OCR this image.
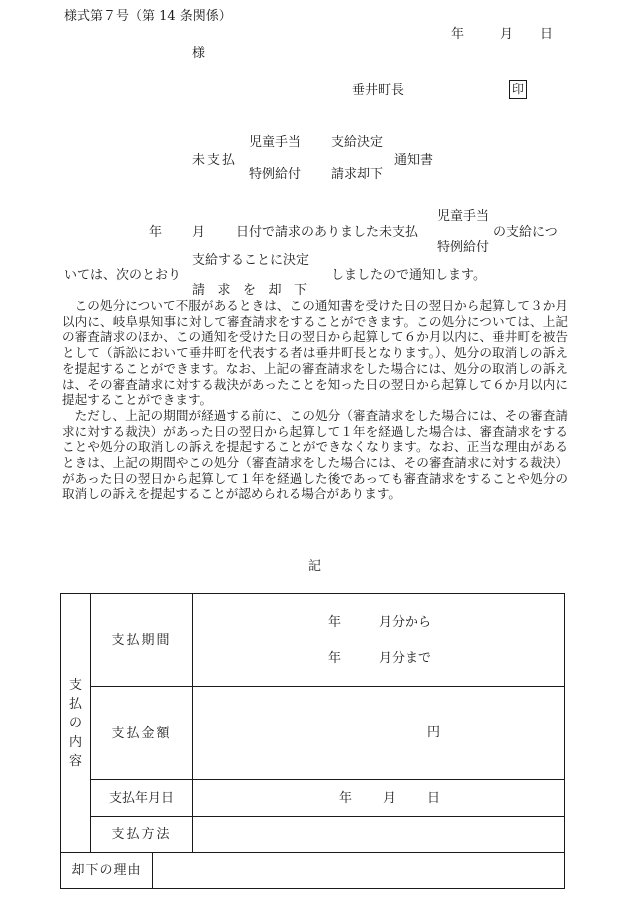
様式第７号（第 14 条関係）
年	月 日
様
垂井町長	印
児童手当 支給決定
未支払	通知書
特例給付 請求却下
児童手当
年 月 日付で請求のありました未支払	の支給につ
特例給付
支給することに決定
いては、次のとおり	しましたので通知します。
請求を却下

この処分について不服があるときは、この通知書を受けた日の翌日から起算して３か月以内に、岐阜県知事に対して審査請求をすることができます。この処分については、上記の審査請求のほか、この通知を受けた日の翌日から起算して６か月以内に、垂井町を被告として（訴訟において垂井町を代表する者は垂井町長となります。）、処分の取消しの訴えを提起することができます。なお、上記の審査請求をした場合には、処分の取消しの訴えは、その審査請求に対する裁決があったことを知った日の翌日から起算して６か月以内に提起することができます。

ただし、上記の期間が経過する前に、この処分（審査請求をした場合には、その審査請求に対する裁決）があった日の翌日から起算して１年を経過した場合は、審査請求をすることや処分の取消しの訴えを提起することができなくなります。なお、正当な理由があるときは、上記の期間やこの処分（審査請求をした場合には、その審査請求に対する裁決）があった日の翌日から起算して１年を経過した後であっても審査請求をすることや処分の取消しの訴えを提起することが認められる場合があります。

記
支払の内容	支払期間		年 月分から
年 月分まで

	支払金額		円

	支払年月日		年 月 日

	支払方法		
却下の理由			
